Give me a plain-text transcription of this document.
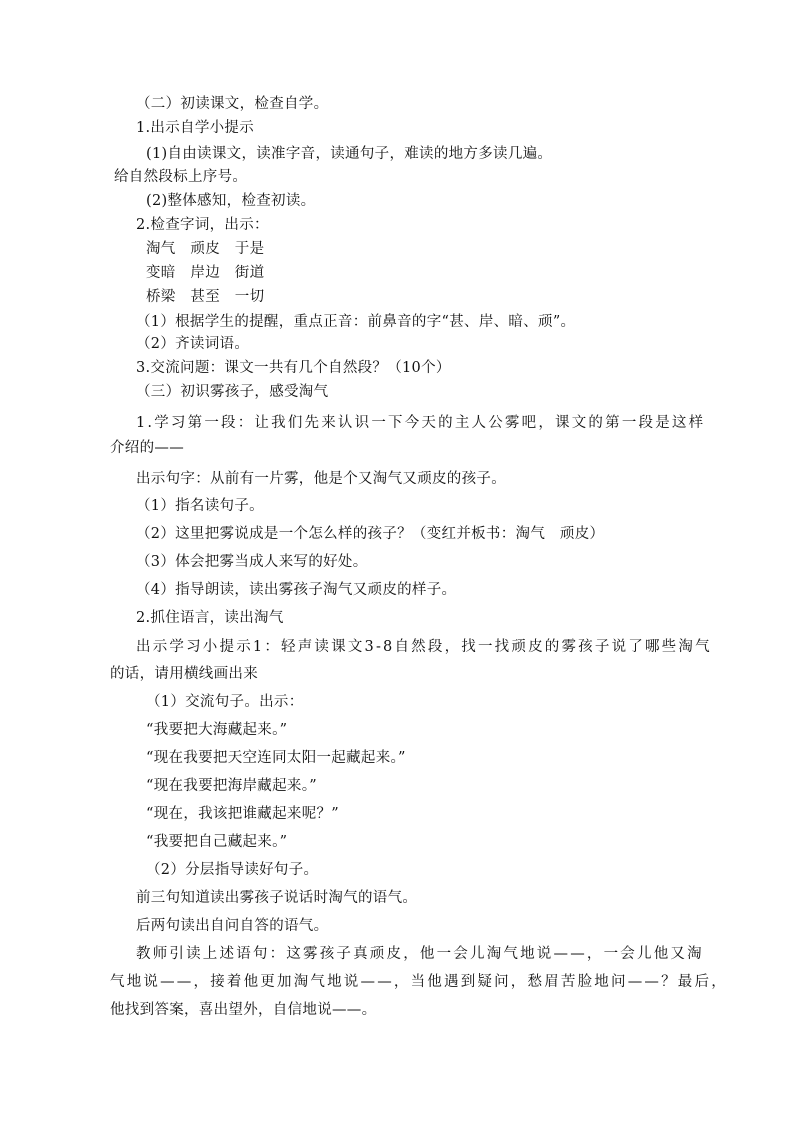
（二）初读课文，检查自学。
1.出示自学小提示
(1)自由读课文，读准字音，读通句子，难读的地方多读几遍。
给自然段标上序号。
(2)整体感知，检查初读。
2.检查字词，出示：
淘气　顽皮　于是
变暗　岸边　街道
桥梁　甚至　一切
（1）根据学生的提醒，重点正音：前鼻音的字“甚、岸、暗、顽”。
（2）齐读词语。
3.交流问题：课文一共有几个自然段？（10个）
（三）初识雾孩子，感受淘气
1.学习第一段：让我们先来认识一下今天的主人公雾吧，课文的第一段是这样
介绍的——
出示句字：从前有一片雾，他是个又淘气又顽皮的孩子。
（1）指名读句子。
（2）这里把雾说成是一个怎么样的孩子？（变红并板书：淘气　顽皮）
（3）体会把雾当成人来写的好处。
（4）指导朗读，读出雾孩子淘气又顽皮的样子。
2.抓住语言，读出淘气
出示学习小提示1：轻声读课文3-8自然段，找一找顽皮的雾孩子说了哪些淘气
的话，请用横线画出来
（1）交流句子。出示：
“我要把大海藏起来。”
“现在我要把天空连同太阳一起藏起来。”
“现在我要把海岸藏起来。”
“现在，我该把谁藏起来呢？”
“我要把自己藏起来。”
（2）分层指导读好句子。
前三句知道读出雾孩子说话时淘气的语气。
后两句读出自问自答的语气。
教师引读上述语句：这雾孩子真顽皮，他一会儿淘气地说——，一会儿他又淘
气地说——，接着他更加淘气地说——，当他遇到疑问，愁眉苦脸地问——？最后，
他找到答案，喜出望外，自信地说——。
